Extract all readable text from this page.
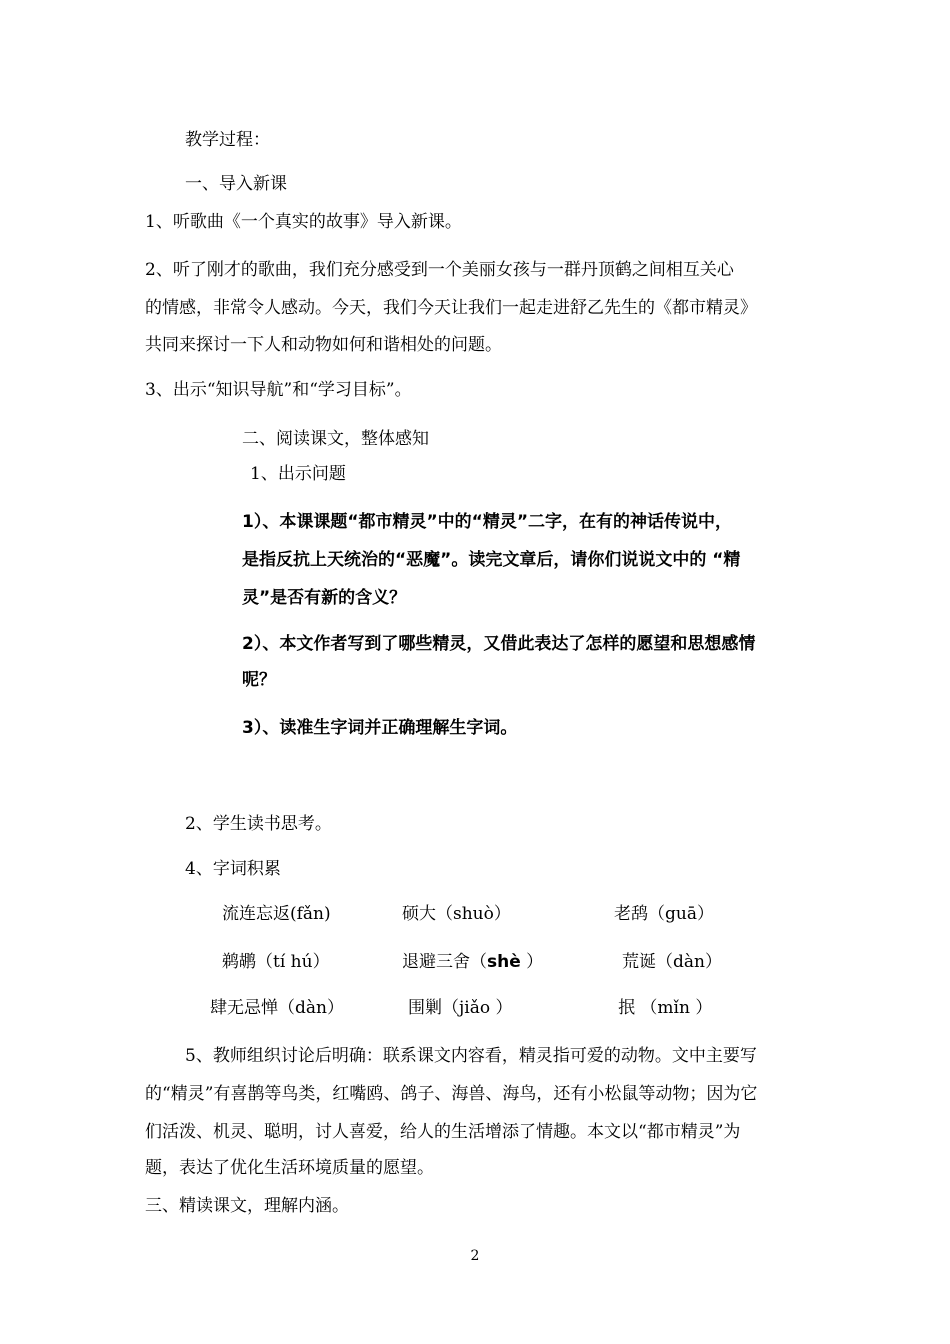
教学过程：

一、导入新课

1、听歌曲《一个真实的故事》导入新课。

2、听了刚才的歌曲，我们充分感受到一个美丽女孩与一群丹顶鹤之间相互关心

的情感，非常令人感动。今天，我们今天让我们一起走进舒乙先生的《都市精灵》

共同来探讨一下人和动物如何和谐相处的问题。

3、出示“知识导航”和“学习目标”。

二、阅读课文，整体感知

1、出示问题

1）、本课课题“都市精灵”中的“精灵”二字，在有的神话传说中，

是指反抗上天统治的“恶魔”。读完文章后，请你们说说文中的 “精

灵”是否有新的含义？

2）、本文作者写到了哪些精灵，又借此表达了怎样的愿望和思想感情

呢？

3）、读准生字词并正确理解生字词。

2、学生读书思考。

4、字词积累

流连忘返(fǎn)	硕大（shuò）	老鸹（guā）

鹈鹕（tí hú）	退避三舍（shè ）	荒诞（dàn）

肆无忌惮（dàn）	围剿（jiǎo ）	抿 （mǐn ）

5、教师组织讨论后明确：联系课文内容看，精灵指可爱的动物。文中主要写

的“精灵”有喜鹊等鸟类，红嘴鸥、鸽子、海兽、海鸟，还有小松鼠等动物；因为它

们活泼、机灵、聪明，讨人喜爱，给人的生活增添了情趣。本文以“都市精灵”为

题，表达了优化生活环境质量的愿望。

三、精读课文，理解内涵。

2
